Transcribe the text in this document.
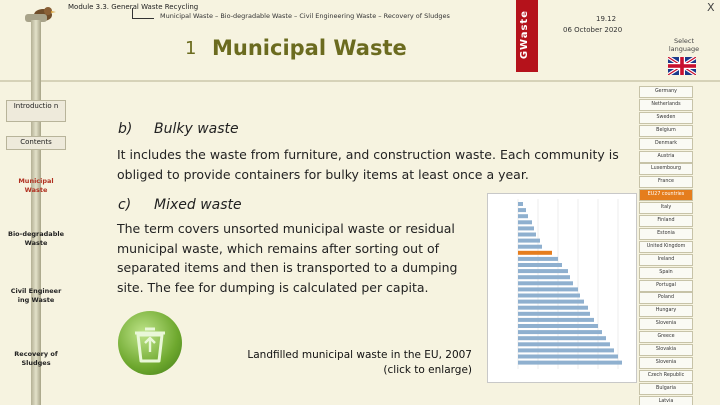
Module 3.3. General Waste Recycling
Municipal Waste – Bio-degradable Waste – Civil Engineering Waste – Recovery of Sludges
1 Municipal Waste	GWaste	19.12
06 October 2020
X
Select language
Introductio n
Contents
Municipal Waste
Bio-degradable Waste
Civil Engineer ing Waste
Recovery of Sludges
b) Bulky waste

It includes the waste from furniture, and construction waste. Each community is obliged to provide containers for bulky items at least once a year.

c) Mixed waste

The term covers unsorted municipal waste or residual municipal waste, which remains after sorting out of separated items and then is transported to a dumping site. The fee for dumping is calculated per capita.

Landfilled municipal waste in the EU, 2007
(click to enlarge)
Germany
Netherlands
Sweden
Belgium
Denmark
Austria
Luxembourg
France
EU27 countries
Italy
Finland
Estonia
United Kingdom
Ireland
Spain
Portugal
Poland
Hungary
Slovenia
Greece
Slovakia
Slovenia
Czech Republic
Bulgaria
Latvia
